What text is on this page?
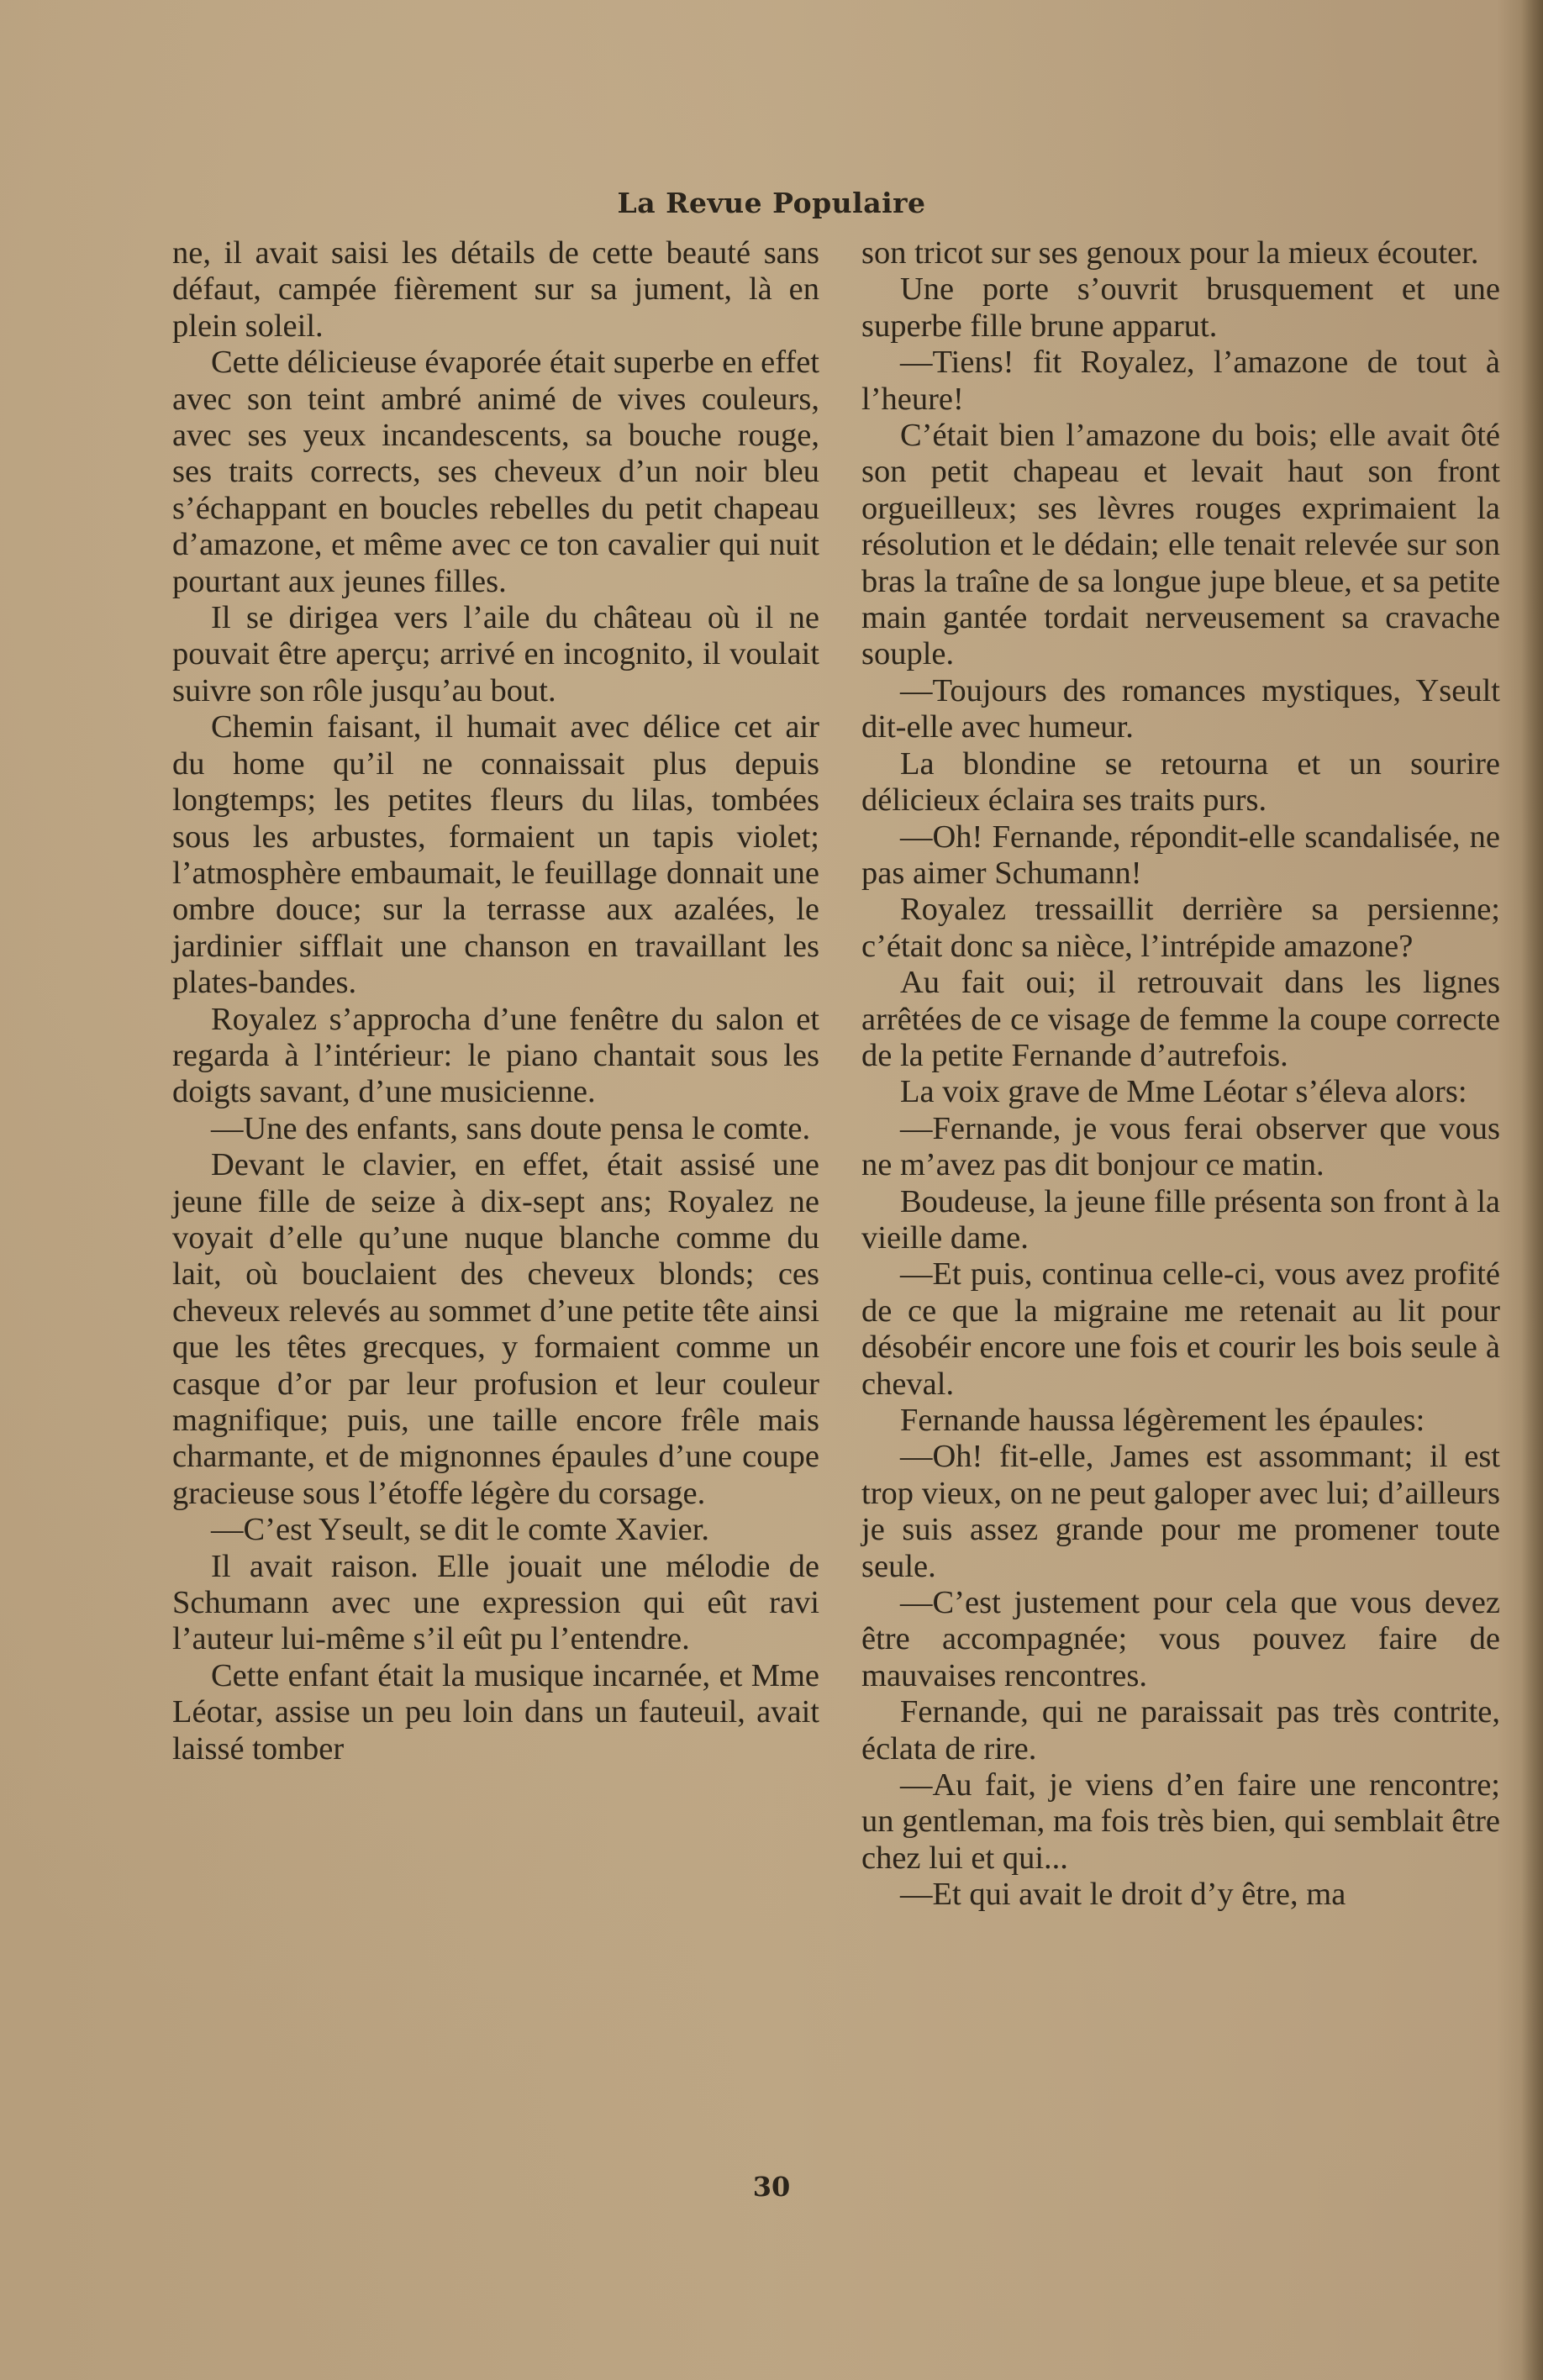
La Revue Populaire

ne, il avait saisi les détails de cette beauté sans défaut, campée fièrement sur sa jument, là en plein soleil.

Cette délicieuse évaporée était superbe en effet avec son teint ambré animé de vives couleurs, avec ses yeux incandescents, sa bouche rouge, ses traits corrects, ses cheveux d’un noir bleu s’échappant en boucles rebelles du petit chapeau d’amazone, et même avec ce ton cavalier qui nuit pourtant aux jeunes filles.

Il se dirigea vers l’aile du château où il ne pouvait être aperçu; arrivé en incognito, il voulait suivre son rôle jusqu’au bout.

Chemin faisant, il humait avec délice cet air du home qu’il ne connaissait plus depuis longtemps; les petites fleurs du lilas, tombées sous les arbustes, formaient un tapis violet; l’atmosphère embaumait, le feuillage donnait une ombre douce; sur la terrasse aux azalées, le jardinier sifflait une chanson en travaillant les plates-bandes.

Royalez s’approcha d’une fenêtre du salon et regarda à l’intérieur: le piano chantait sous les doigts savant, d’une musicienne.

—Une des enfants, sans doute pensa le comte.

Devant le clavier, en effet, était assisé une jeune fille de seize à dix-sept ans; Royalez ne voyait d’elle qu’une nuque blanche comme du lait, où bouclaient des cheveux blonds; ces cheveux relevés au sommet d’une petite tête ainsi que les têtes grecques, y formaient comme un casque d’or par leur profusion et leur couleur magnifique; puis, une taille encore frêle mais charmante, et de mignonnes épaules d’une coupe gracieuse sous l’étoffe légère du corsage.

—C’est Yseult, se dit le comte Xavier.

Il avait raison. Elle jouait une mélodie de Schumann avec une expression qui eût ravi l’auteur lui-même s’il eût pu l’entendre.

Cette enfant était la musique incarnée, et Mme Léotar, assise un peu loin dans un fauteuil, avait laissé tomber

son tricot sur ses genoux pour la mieux écouter.

Une porte s’ouvrit brusquement et une superbe fille brune apparut.

—Tiens! fit Royalez, l’amazone de tout à l’heure!

C’était bien l’amazone du bois; elle avait ôté son petit chapeau et levait haut son front orgueilleux; ses lèvres rouges exprimaient la résolution et le dédain; elle tenait relevée sur son bras la traîne de sa longue jupe bleue, et sa petite main gantée tordait nerveusement sa cravache souple.

—Toujours des romances mystiques, Yseult dit-elle avec humeur.

La blondine se retourna et un sourire délicieux éclaira ses traits purs.

—Oh! Fernande, répondit-elle scandalisée, ne pas aimer Schumann!

Royalez tressaillit derrière sa persienne; c’était donc sa nièce, l’intrépide amazone?

Au fait oui; il retrouvait dans les lignes arrêtées de ce visage de femme la coupe correcte de la petite Fernande d’autrefois.

La voix grave de Mme Léotar s’éleva alors:

—Fernande, je vous ferai observer que vous ne m’avez pas dit bonjour ce matin.

Boudeuse, la jeune fille présenta son front à la vieille dame.

—Et puis, continua celle-ci, vous avez profité de ce que la migraine me retenait au lit pour désobéir encore une fois et courir les bois seule à cheval.

Fernande haussa légèrement les épaules:

—Oh! fit-elle, James est assommant; il est trop vieux, on ne peut galoper avec lui; d’ailleurs je suis assez grande pour me promener toute seule.

—C’est justement pour cela que vous devez être accompagnée; vous pouvez faire de mauvaises rencontres.

Fernande, qui ne paraissait pas très contrite, éclata de rire.

—Au fait, je viens d’en faire une rencontre; un gentleman, ma fois très bien, qui semblait être chez lui et qui...

—Et qui avait le droit d’y être, ma

30
